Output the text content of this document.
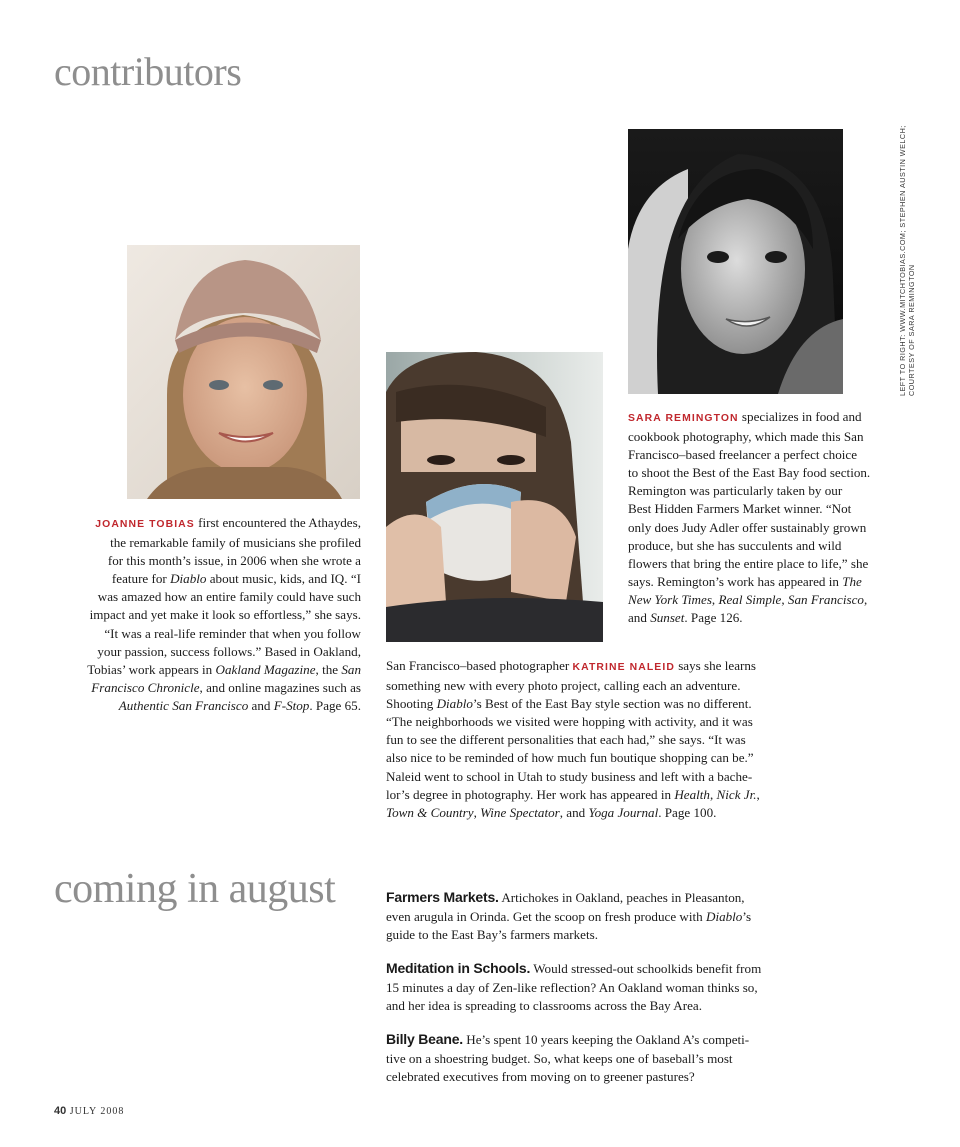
contributors
LEFT TO RIGHT: WWW.MITCHTOBIAS.COM; STEPHEN AUSTIN WELCH; COURTESY OF SARA REMINGTON

JOANNE TOBIAS first encountered the Athaydes,
the remarkable family of musicians she profiled
for this month’s issue, in 2006 when she wrote a
feature for Diablo about music, kids, and IQ. “I
was amazed how an entire family could have such
impact and yet make it look so effortless,” she says.
“It was a real-life reminder that when you follow
your passion, success follows.” Based in Oakland,
Tobias’ work appears in Oakland Magazine, the San
Francisco Chronicle, and online magazines such as
Authentic San Francisco and F-Stop. Page 65.

SARA REMINGTON specializes in food and
cookbook photography, which made this San
Francisco–based freelancer a perfect choice
to shoot the Best of the East Bay food section.
Remington was particularly taken by our
Best Hidden Farmers Market winner. “Not
only does Judy Adler offer sustainably grown
produce, but she has succulents and wild
flowers that bring the entire place to life,” she
says. Remington’s work has appeared in The
New York Times, Real Simple, San Francisco,
and Sunset. Page 126.

San Francisco–based photographer KATRINE NALEID says she learns
something new with every photo project, calling each an adventure.
Shooting Diablo’s Best of the East Bay style section was no different.
“The neighborhoods we visited were hopping with activity, and it was
fun to see the different personalities that each had,” she says. “It was
also nice to be reminded of how much fun boutique shopping can be.”
Naleid went to school in Utah to study business and left with a bache-
lor’s degree in photography. Her work has appeared in Health, Nick Jr.,
Town & Country, Wine Spectator, and Yoga Journal. Page 100.

coming in august	Farmers Markets. Artichokes in Oakland, peaches in Pleasanton,
even arugula in Orinda. Get the scoop on fresh produce with Diablo’s
guide to the East Bay’s farmers markets.

Meditation in Schools. Would stressed-out schoolkids benefit from
15 minutes a day of Zen-like reflection? An Oakland woman thinks so,
and her idea is spreading to classrooms across the Bay Area.

Billy Beane. He’s spent 10 years keeping the Oakland A’s competi-
tive on a shoestring budget. So, what keeps one of baseball’s most
celebrated executives from moving on to greener pastures?

40 JULY 2008
